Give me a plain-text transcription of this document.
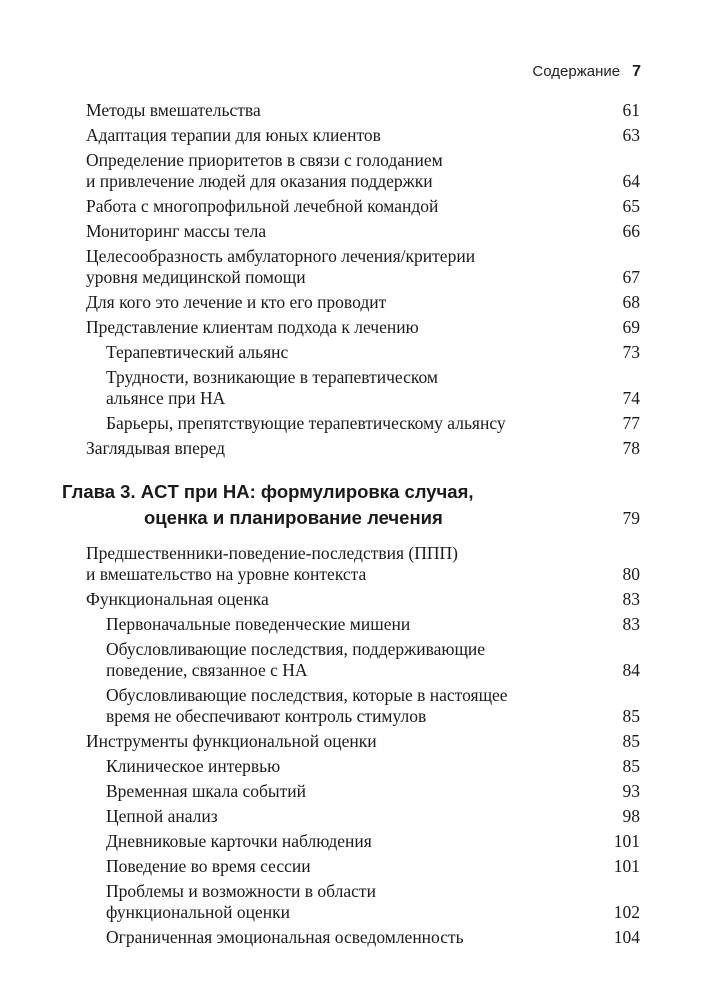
Содержание 7
Методы вмешательства	61
Адаптация терапии для юных клиентов	63
Определение приоритетов в связи с голоданием
и привлечение людей для оказания поддержки	64
Работа с многопрофильной лечебной командой	65
Мониторинг массы тела	66
Целесообразность амбулаторного лечения/критерии
уровня медицинской помощи	67
Для кого это лечение и кто его проводит	68
Представление клиентам подхода к лечению	69
Терапевтический альянс	73
Трудности, возникающие в терапевтическом
альянсе при НА	74
Барьеры, препятствующие терапевтическому альянсу	77
Заглядывая вперед	78
Глава 3. ACT при НА: формулировка случая,
оценка и планирование лечения	79
Предшественники-поведение-последствия (ППП)
и вмешательство на уровне контекста	80
Функциональная оценка	83
Первоначальные поведенческие мишени	83
Обусловливающие последствия, поддерживающие
поведение, связанное с НА	84
Обусловливающие последствия, которые в настоящее
время не обеспечивают контроль стимулов	85
Инструменты функциональной оценки	85
Клиническое интервью	85
Временная шкала событий	93
Цепной анализ	98
Дневниковые карточки наблюдения	101
Поведение во время сессии	101
Проблемы и возможности в области
функциональной оценки	102
Ограниченная эмоциональная осведомленность	104
